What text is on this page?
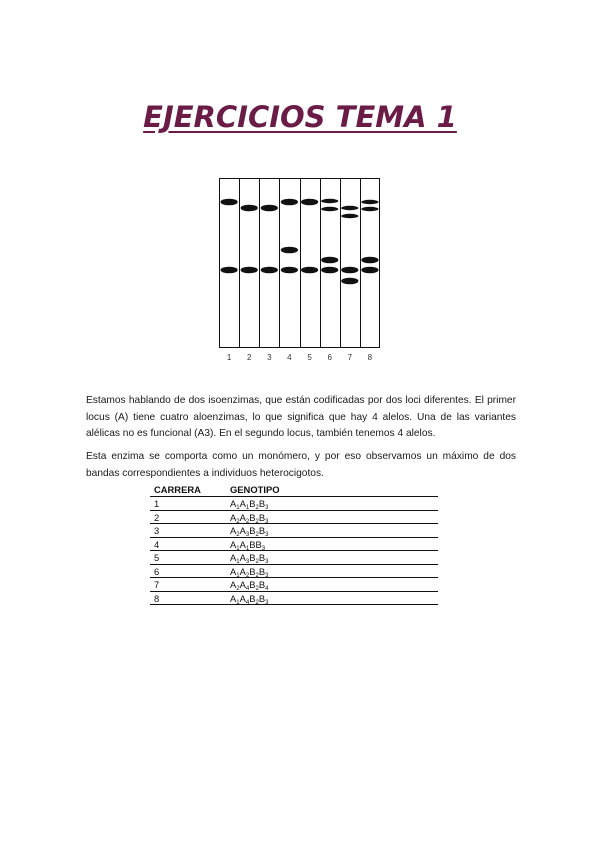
EJERCICIOS TEMA 1
1	2	3	4	5	6	7	8

Estamos hablando de dos isoenzimas, que están codificadas por dos loci diferentes. El primer locus (A) tiene cuatro aloenzimas, lo que significa que hay 4 alelos. Una de las variantes alélicas no es funcional (A3). En el segundo locus, también tenemos 4 alelos.

Esta enzima se comporta como un monómero, y por eso observamos un máximo de dos bandas correspondientes a individuos heterocigotos.

CARRERA	GENOTIPO
1	$A_1A_1B_2B_3$
2	$A_2A_2B_2B_3$
3	$A_2A_3B_2B_3$
4	$A_1A_1BB_3$
5	$A_1A_3B_2B_3$
6	$A_1A_2B_2B_3$
7	$A_2A_4B_2B_4$
8	$A_1A_4B_2B_3$
